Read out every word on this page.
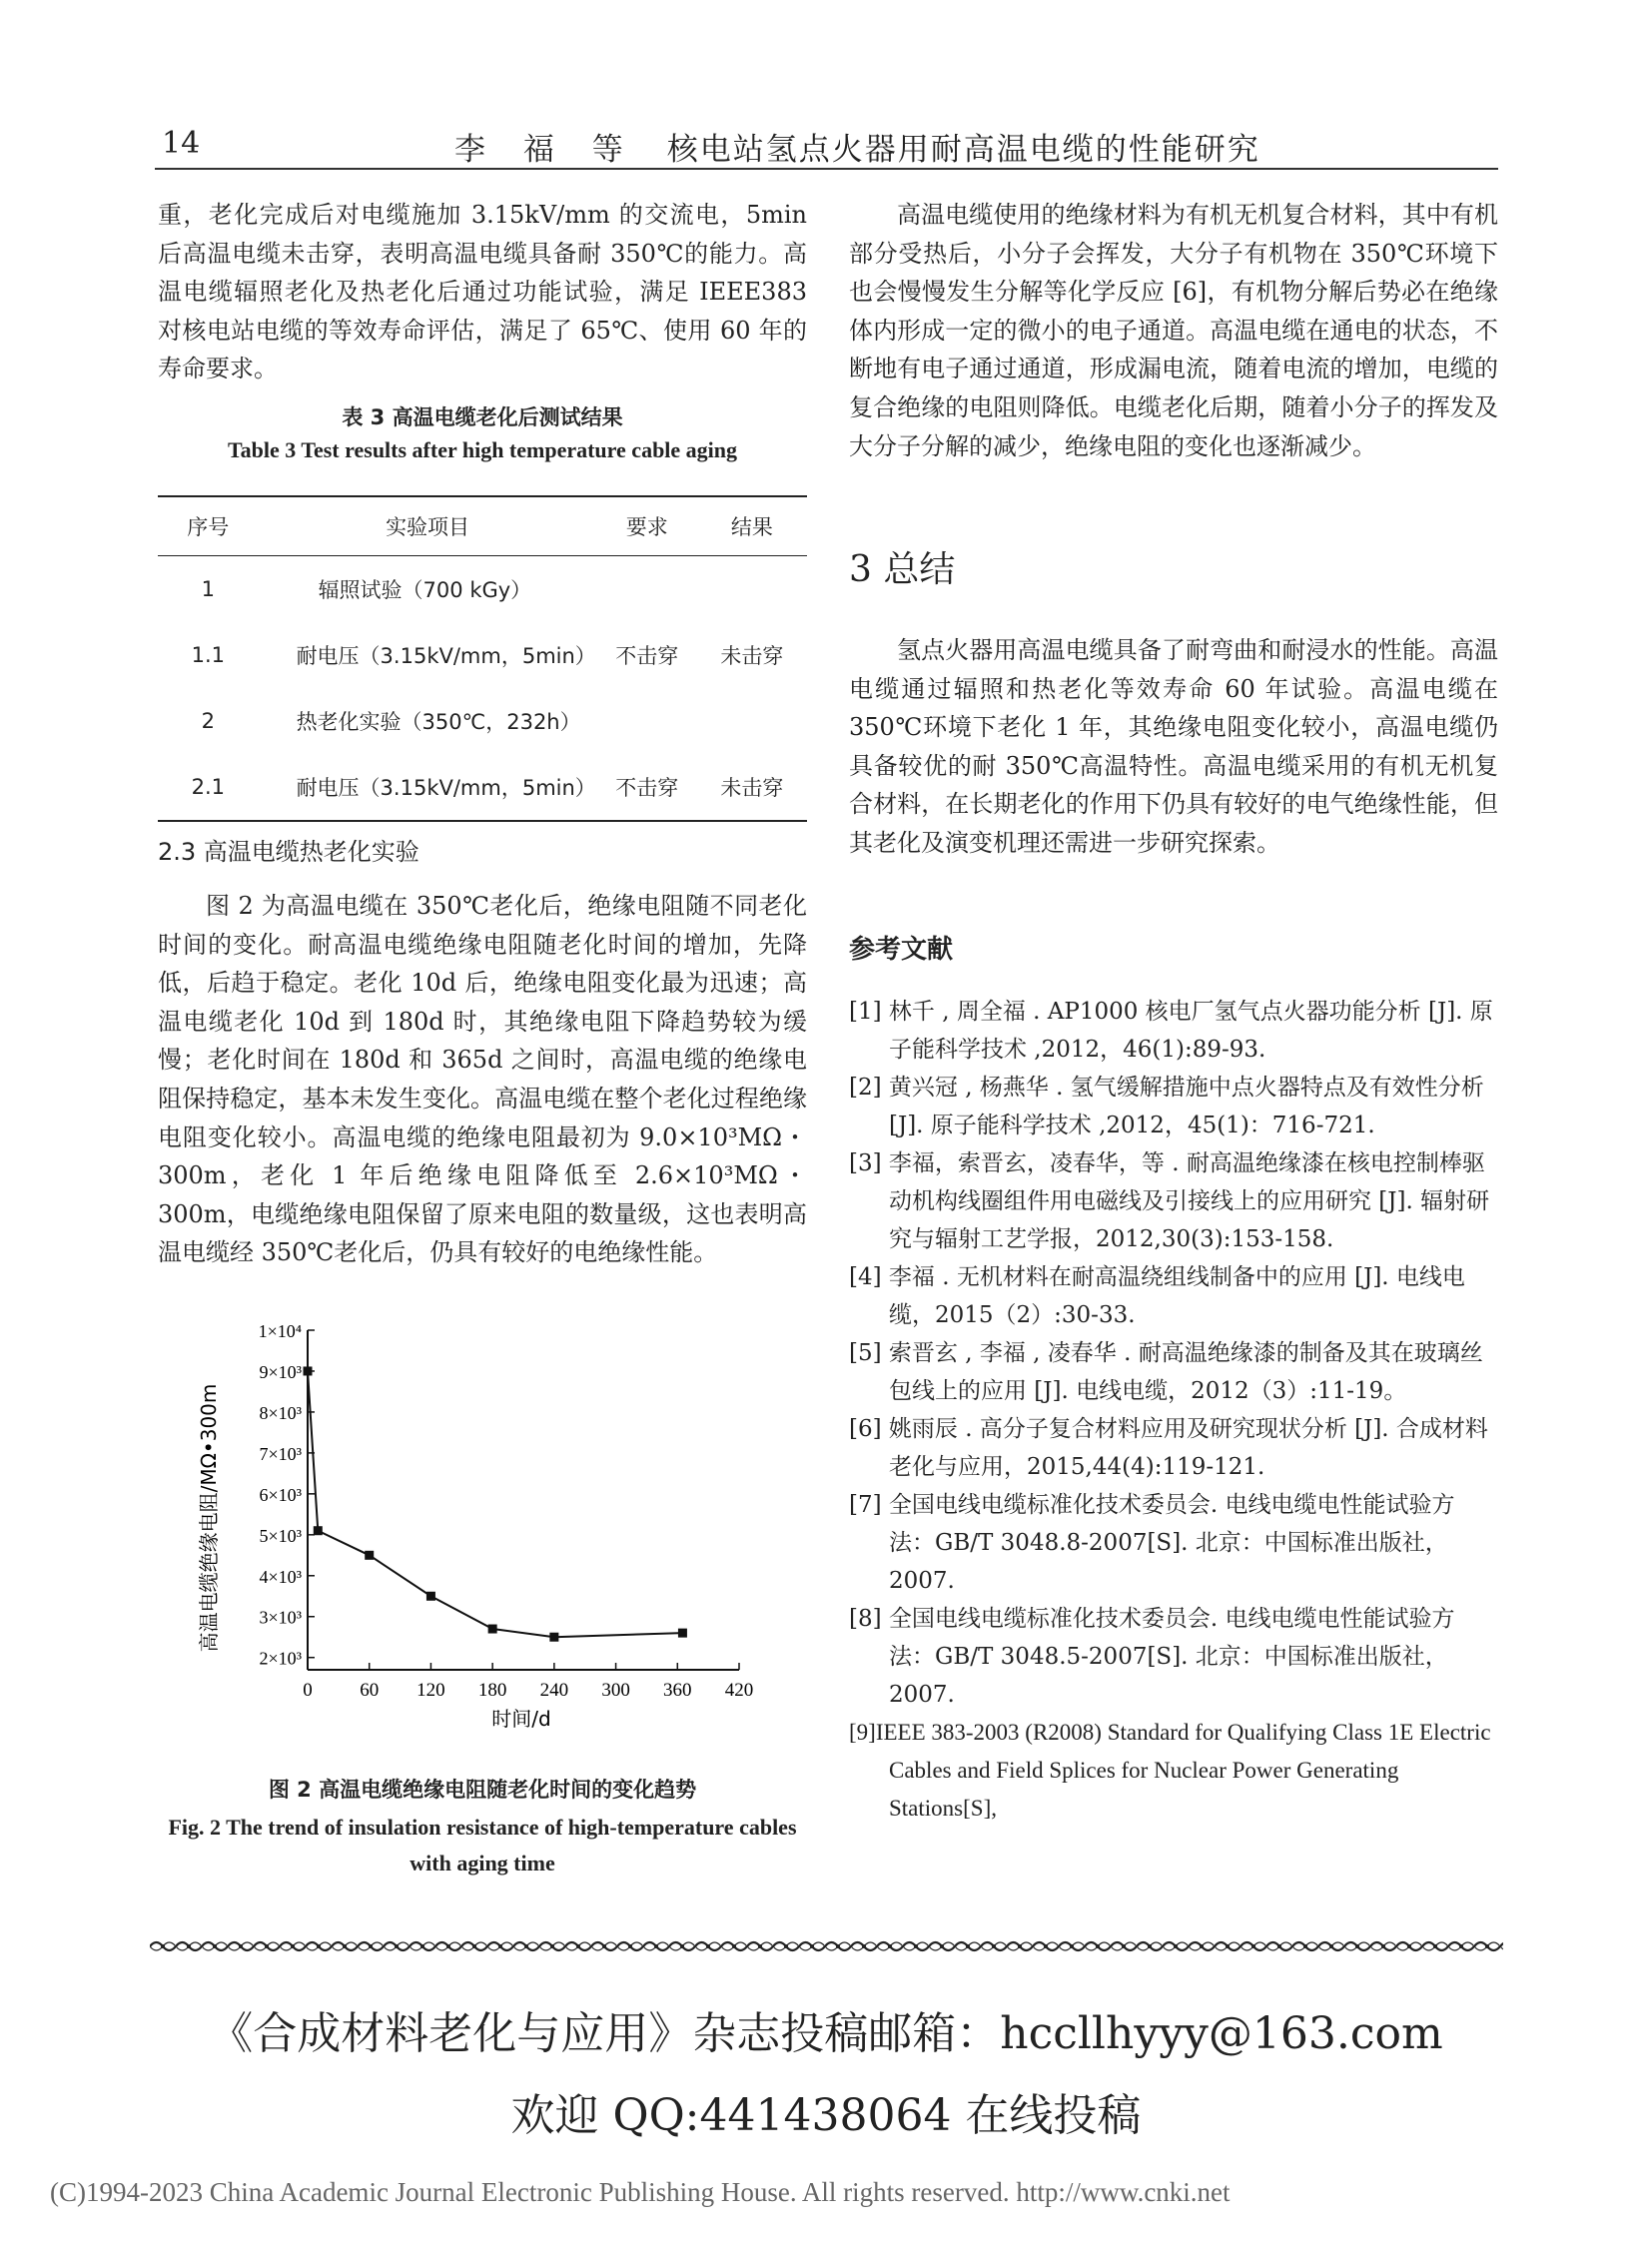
14	李 福 等 核电站氢点火器用耐高温电缆的性能研究

重，老化完成后对电缆施加 3.15kV/mm 的交流电，5min 后高温电缆未击穿，表明高温电缆具备耐 350℃的能力。高温电缆辐照老化及热老化后通过功能试验，满足 IEEE383 对核电站电缆的等效寿命评估，满足了 65℃、使用 60 年的寿命要求。

表 3 高温电缆老化后测试结果
Table 3 Test results after high temperature cable aging
序号	实验项目	要求	结果
1	辐照试验（700 kGy）		
1.1	耐电压（3.15kV/mm，5min）	不击穿	未击穿
2	热老化实验（350℃，232h）		
2.1	耐电压（3.15kV/mm，5min）	不击穿	未击穿
2.3 高温电缆热老化实验

图 2 为高温电缆在 350℃老化后，绝缘电阻随不同老化时间的变化。耐高温电缆绝缘电阻随老化时间的增加，先降低，后趋于稳定。老化 10d 后，绝缘电阻变化最为迅速；高温电缆老化 10d 到 180d 时，其绝缘电阻下降趋势较为缓慢；老化时间在 180d 和 365d 之间时，高温电缆的绝缘电阻保持稳定，基本未发生变化。高温电缆在整个老化过程绝缘电阻变化较小。高温电缆的绝缘电阻最初为 9.0×10³MΩ・300m，老化 1 年后绝缘电阻降低至 2.6×10³MΩ・300m，电缆绝缘电阻保留了原来电阻的数量级，这也表明高温电缆经 350℃老化后，仍具有较好的电绝缘性能。

0 60 120 180 240 300 360 420
1×10⁴
9×10³
8×10³
7×10³
6×10³
5×10³
4×10³
3×10³
2×10³
时间/d
高温电缆绝缘电阻/MΩ•300m
图 2 高温电缆绝缘电阻随老化时间的变化趋势
Fig. 2 The trend of insulation resistance of high-temperature cables with aging time

高温电缆使用的绝缘材料为有机无机复合材料，其中有机部分受热后，小分子会挥发，大分子有机物在 350℃环境下也会慢慢发生分解等化学反应 [6]，有机物分解后势必在绝缘体内形成一定的微小的电子通道。高温电缆在通电的状态，不断地有电子通过通道，形成漏电流，随着电流的增加，电缆的复合绝缘的电阻则降低。电缆老化后期，随着小分子的挥发及大分子分解的减少，绝缘电阻的变化也逐渐减少。

3 总结

氢点火器用高温电缆具备了耐弯曲和耐浸水的性能。高温电缆通过辐照和热老化等效寿命 60 年试验。高温电缆在 350℃环境下老化 1 年，其绝缘电阻变化较小，高温电缆仍具备较优的耐 350℃高温特性。高温电缆采用的有机无机复合材料，在长期老化的作用下仍具有较好的电气绝缘性能，但其老化及演变机理还需进一步研究探索。

参考文献

[1] 林千 , 周全福 . AP1000 核电厂氢气点火器功能分析 [J]. 原子能科学技术 ,2012，46(1):89-93.

[2] 黄兴冠 , 杨燕华 . 氢气缓解措施中点火器特点及有效性分析 [J]. 原子能科学技术 ,2012，45(1)：716-721.

[3] 李福，索晋玄，凌春华，等 . 耐高温绝缘漆在核电控制棒驱动机构线圈组件用电磁线及引接线上的应用研究 [J]. 辐射研究与辐射工艺学报，2012,30(3):153-158.

[4] 李福 . 无机材料在耐高温绕组线制备中的应用 [J]. 电线电缆，2015（2）:30-33.

[5] 索晋玄 , 李福 , 凌春华 . 耐高温绝缘漆的制备及其在玻璃丝包线上的应用 [J]. 电线电缆，2012（3）:11-19。

[6] 姚雨辰 . 高分子复合材料应用及研究现状分析 [J]. 合成材料老化与应用，2015,44(4):119-121.

[7] 全国电线电缆标准化技术委员会. 电线电缆电性能试验方法：GB/T 3048.8-2007[S]. 北京：中国标准出版社，2007.

[8] 全国电线电缆标准化技术委员会. 电线电缆电性能试验方法：GB/T 3048.5-2007[S]. 北京：中国标准出版社，2007.

[9]IEEE 383-2003 (R2008) Standard for Qualifying Class 1E Electric Cables and Field Splices for Nuclear Power Generating Stations[S],

《合成材料老化与应用》杂志投稿邮箱：hccllhyyy@163.com
欢迎 QQ:441438064 在线投稿
(C)1994-2023 China Academic Journal Electronic Publishing House. All rights reserved. http://www.cnki.net
